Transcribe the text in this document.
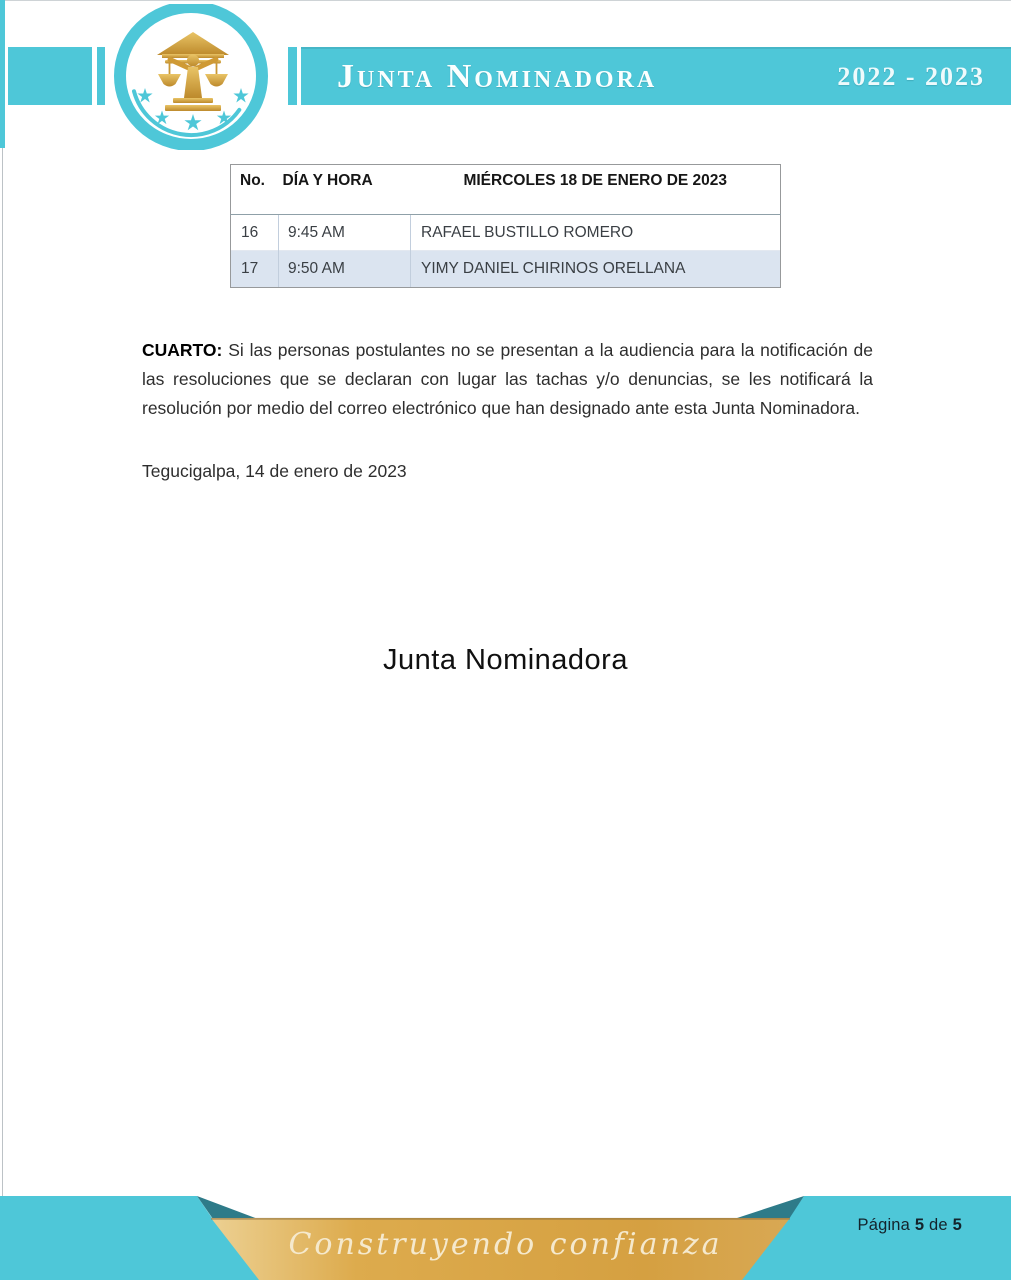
Junta Nominadora	2022 - 2023
No.	DÍA Y HORA	MIÉRCOLES 18 DE ENERO DE 2023
16	9:45 AM	RAFAEL BUSTILLO ROMERO
17	9:50 AM	YIMY DANIEL CHIRINOS ORELLANA

CUARTO: Si las personas postulantes no se presentan a la audiencia para la notificación de las resoluciones que se declaran con lugar las tachas y/o denuncias, se les notificará la resolución por medio del correo electrónico que han designado ante esta Junta Nominadora.

Tegucigalpa, 14 de enero de 2023
Junta Nominadora
Construyendo confianza
Página 5 de 5
